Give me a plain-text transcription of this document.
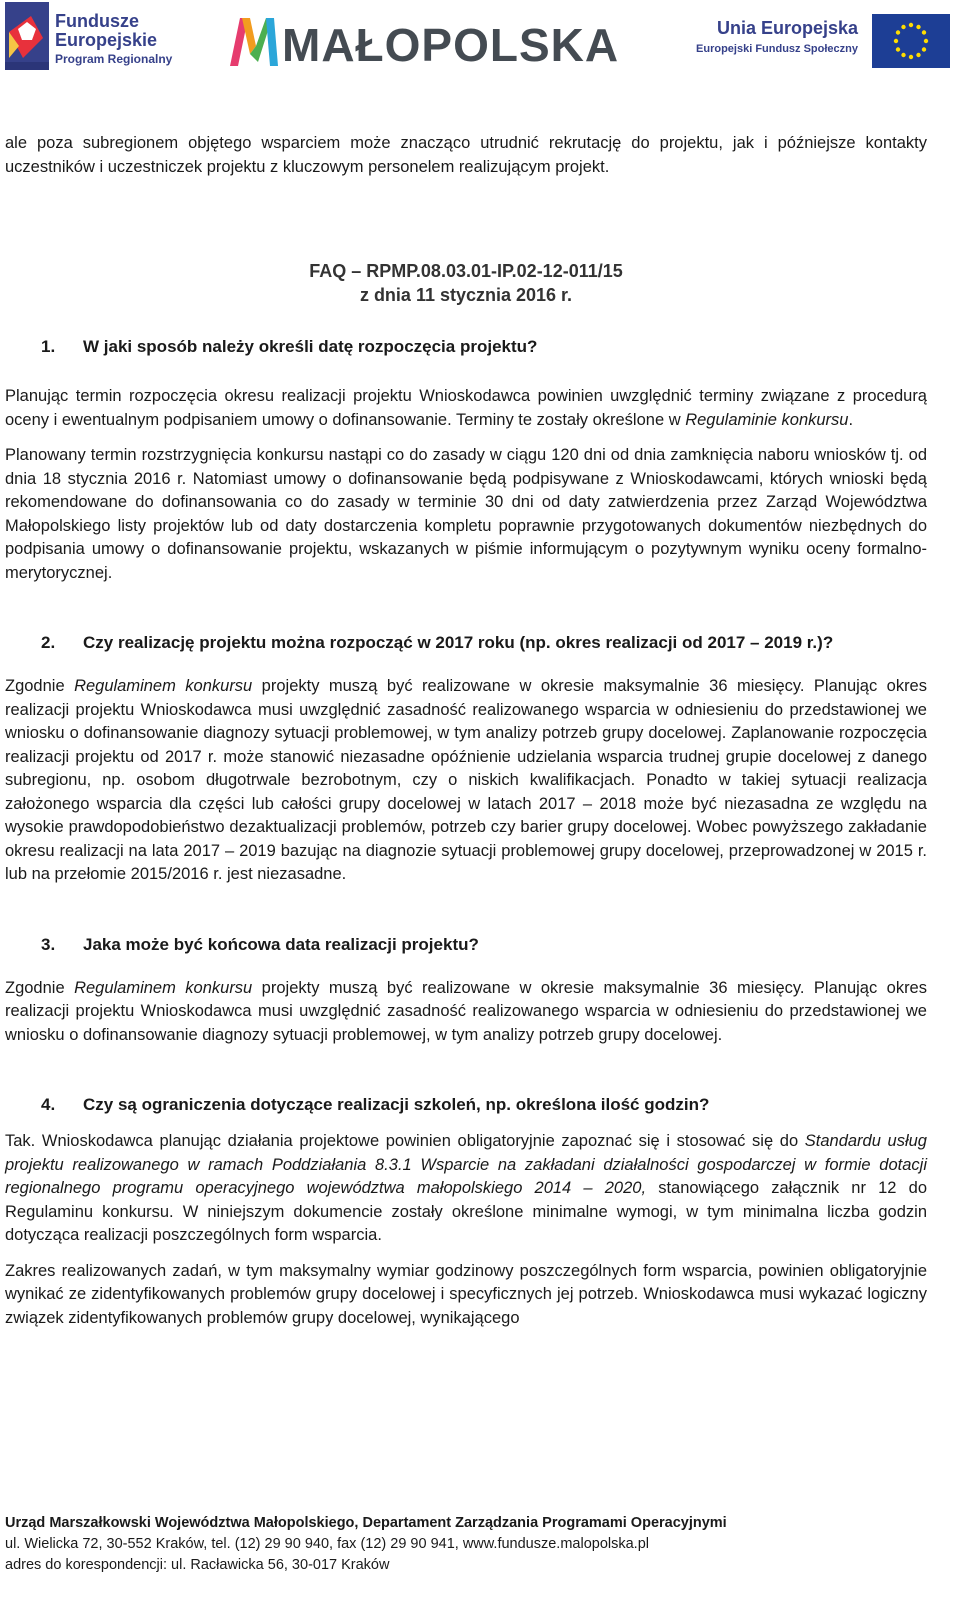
Fundusze
Europejskie
Program Regionalny MAŁOPOLSKA	Unia Europejska
Europejski Fundusz Społeczny

ale poza subregionem objętego wsparciem może znacząco utrudnić rekrutację do projektu, jak i późniejsze kontakty uczestników i uczestniczek projektu z kluczowym personelem realizującym projekt.

FAQ – RPMP.08.03.01-IP.02-12-011/15
z dnia 11 stycznia 2016 r.
1.	W jaki sposób należy określi datę rozpoczęcia projektu?

Planując termin rozpoczęcia okresu realizacji projektu Wnioskodawca powinien uwzględnić terminy związane z procedurą oceny i ewentualnym podpisaniem umowy o dofinansowanie. Terminy te zostały określone w Regulaminie konkursu.

Planowany termin rozstrzygnięcia konkursu nastąpi co do zasady w ciągu 120 dni od dnia zamknięcia naboru wniosków tj. od dnia 18 stycznia 2016 r. Natomiast umowy o dofinansowanie będą podpisywane z Wnioskodawcami, których wnioski będą rekomendowane do dofinansowania co do zasady w terminie 30 dni od daty zatwierdzenia przez Zarząd Województwa Małopolskiego listy projektów lub od daty dostarczenia kompletu poprawnie przygotowanych dokumentów niezbędnych do podpisania umowy o dofinansowanie projektu, wskazanych w piśmie informującym o pozytywnym wyniku oceny formalno-merytorycznej.

2.	Czy realizację projektu można rozpocząć w 2017 roku (np. okres realizacji od 2017 – 2019 r.)?

Zgodnie Regulaminem konkursu projekty muszą być realizowane w okresie maksymalnie 36 miesięcy. Planując okres realizacji projektu Wnioskodawca musi uwzględnić zasadność realizowanego wsparcia w odniesieniu do przedstawionej we wniosku o dofinansowanie diagnozy sytuacji problemowej, w tym analizy potrzeb grupy docelowej. Zaplanowanie rozpoczęcia realizacji projektu od 2017 r. może stanowić niezasadne opóźnienie udzielania wsparcia trudnej grupie docelowej z danego subregionu, np. osobom długotrwale bezrobotnym, czy o niskich kwalifikacjach. Ponadto w takiej sytuacji realizacja założonego wsparcia dla części lub całości grupy docelowej w latach 2017 – 2018 może być niezasadna ze względu na wysokie prawdopodobieństwo dezaktualizacji problemów, potrzeb czy barier grupy docelowej. Wobec powyższego zakładanie okresu realizacji na lata 2017 – 2019 bazując na diagnozie sytuacji problemowej grupy docelowej, przeprowadzonej w 2015 r. lub na przełomie 2015/2016 r. jest niezasadne.

3.	Jaka może być końcowa data realizacji projektu?

Zgodnie Regulaminem konkursu projekty muszą być realizowane w okresie maksymalnie 36 miesięcy. Planując okres realizacji projektu Wnioskodawca musi uwzględnić zasadność realizowanego wsparcia w odniesieniu do przedstawionej we wniosku o dofinansowanie diagnozy sytuacji problemowej, w tym analizy potrzeb grupy docelowej.

4.	Czy są ograniczenia dotyczące realizacji szkoleń, np. określona ilość godzin?

Tak. Wnioskodawca planując działania projektowe powinien obligatoryjnie zapoznać się i stosować się do Standardu usług projektu realizowanego w ramach Poddziałania 8.3.1 Wsparcie na zakładani działalności gospodarczej w formie dotacji regionalnego programu operacyjnego województwa małopolskiego 2014 – 2020, stanowiącego załącznik nr 12 do Regulaminu konkursu. W niniejszym dokumencie zostały określone minimalne wymogi, w tym minimalna liczba godzin dotycząca realizacji poszczególnych form wsparcia.

Zakres realizowanych zadań, w tym maksymalny wymiar godzinowy poszczególnych form wsparcia, powinien obligatoryjnie wynikać ze zidentyfikowanych problemów grupy docelowej i specyficznych jej potrzeb. Wnioskodawca musi wykazać logiczny związek zidentyfikowanych problemów grupy docelowej, wynikającego

Urząd Marszałkowski Województwa Małopolskiego, Departament Zarządzania Programami Operacyjnymi
ul. Wielicka 72, 30-552 Kraków, tel. (12) 29 90 940, fax (12) 29 90 941, www.fundusze.malopolska.pl
adres do korespondencji: ul. Racławicka 56, 30-017 Kraków
